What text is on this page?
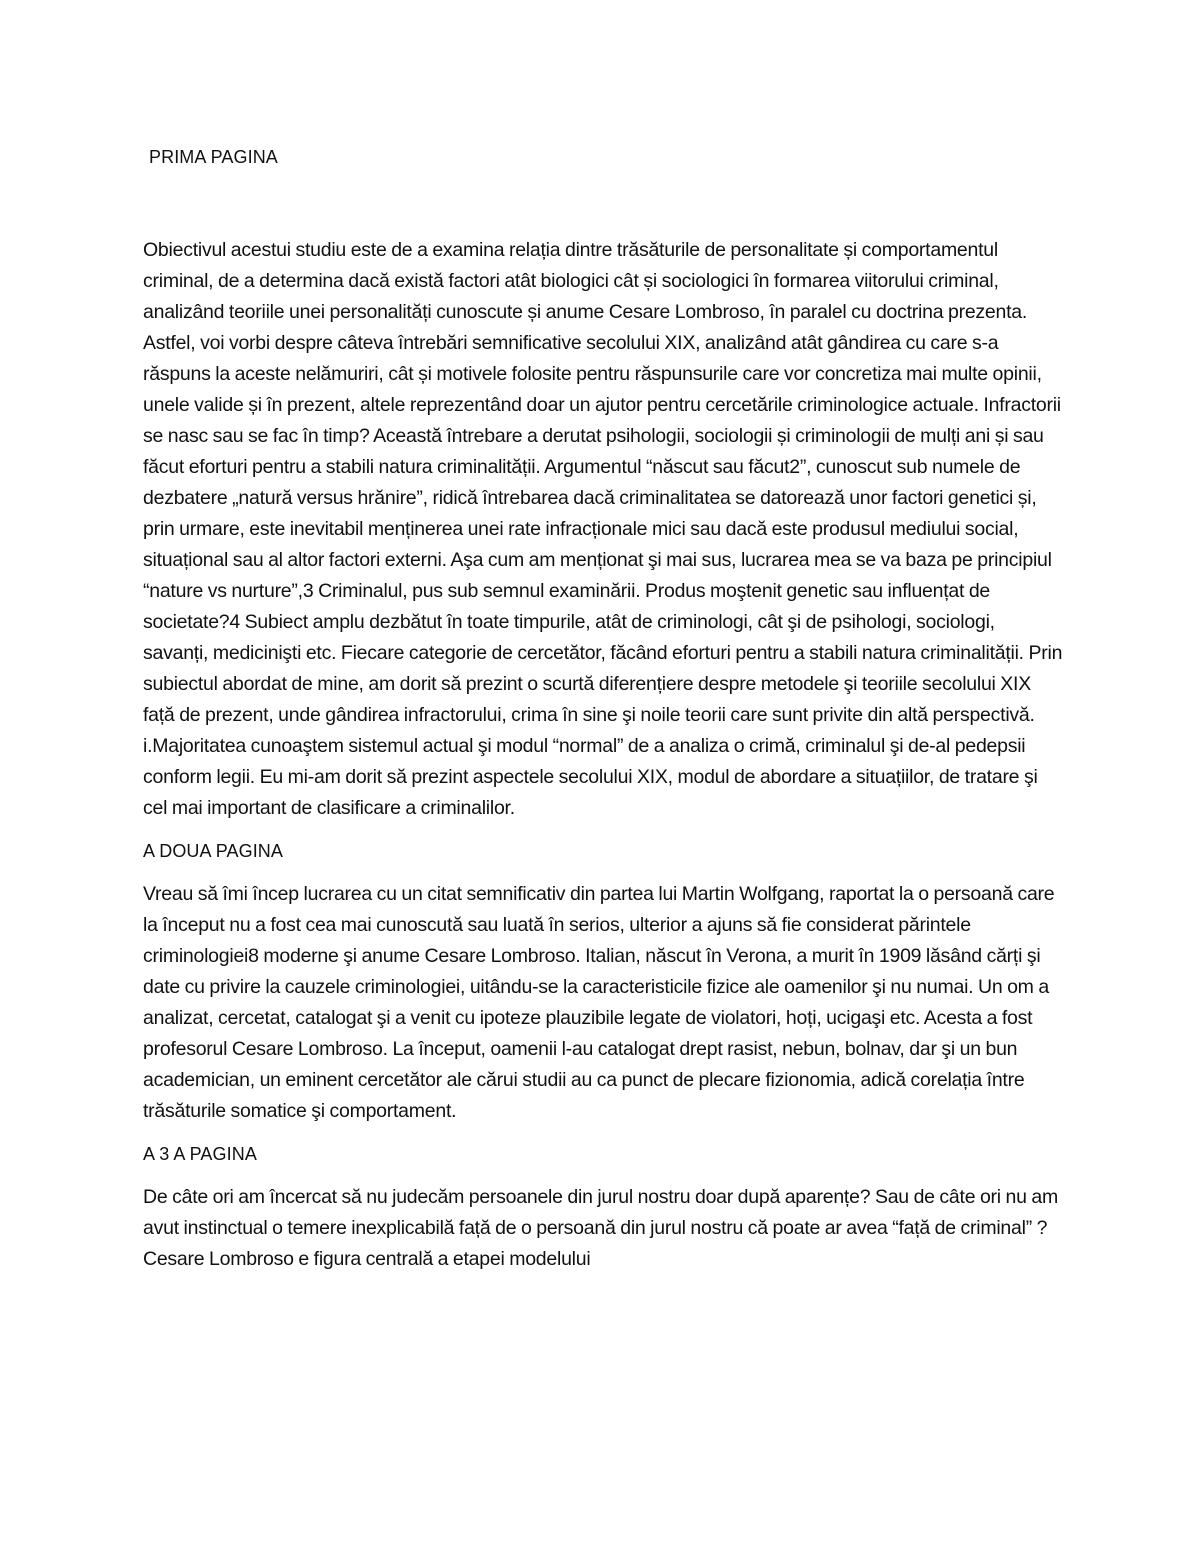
PRIMA PAGINA

Obiectivul acestui studiu este de a examina relația dintre trăsăturile de personalitate și comportamentul criminal, de a determina dacă există factori atât biologici cât și sociologici în formarea viitorului criminal, analizând teoriile unei personalități cunoscute și anume Cesare Lombroso, în paralel cu doctrina prezenta. Astfel, voi vorbi despre câteva întrebări semnificative secolului XIX, analizând atât gândirea cu care s-a răspuns la aceste nelămuriri, cât și motivele folosite pentru răspunsurile care vor concretiza mai multe opinii, unele valide și în prezent, altele reprezentând doar un ajutor pentru cercetările criminologice actuale. Infractorii se nasc sau se fac în timp? Această întrebare a derutat psihologii, sociologii și criminologii de mulți ani și sau făcut eforturi pentru a stabili natura criminalității. Argumentul “născut sau făcut2”, cunoscut sub numele de dezbatere „natură versus hrănire”, ridică întrebarea dacă criminalitatea se datorează unor factori genetici și, prin urmare, este inevitabil menținerea unei rate infracționale mici sau dacă este produsul mediului social, situațional sau al altor factori externi. Aşa cum am menționat şi mai sus, lucrarea mea se va baza pe principiul “nature vs nurture”,3 Criminalul, pus sub semnul examinării. Produs moştenit genetic sau influențat de societate?4 Subiect amplu dezbătut în toate timpurile, atât de criminologi, cât şi de psihologi, sociologi, savanți, medicinişti etc. Fiecare categorie de cercetător, făcând eforturi pentru a stabili natura criminalității. Prin subiectul abordat de mine, am dorit să prezint o scurtă diferențiere despre metodele şi teoriile secolului XIX față de prezent, unde gândirea infractorului, crima în sine şi noile teorii care sunt privite din altă perspectivă. i.Majoritatea cunoaştem sistemul actual şi modul “normal” de a analiza o crimă, criminalul şi de-al pedepsii conform legii. Eu mi-am dorit să prezint aspectele secolului XIX, modul de abordare a situațiilor, de tratare şi cel mai important de clasificare a criminalilor.

A DOUA PAGINA

Vreau să îmi încep lucrarea cu un citat semnificativ din partea lui Martin Wolfgang, raportat la o persoană care la început nu a fost cea mai cunoscută sau luată în serios, ulterior a ajuns să fie considerat părintele criminologiei8 moderne şi anume Cesare Lombroso. Italian, născut în Verona, a murit în 1909 lăsând cărți şi date cu privire la cauzele criminologiei, uitându-se la caracteristicile fizice ale oamenilor şi nu numai. Un om a analizat, cercetat, catalogat şi a venit cu ipoteze plauzibile legate de violatori, hoți, ucigaşi etc. Acesta a fost profesorul Cesare Lombroso. La început, oamenii l-au catalogat drept rasist, nebun, bolnav, dar şi un bun academician, un eminent cercetător ale cărui studii au ca punct de plecare fizionomia, adică corelația între trăsăturile somatice şi comportament.

A 3 A PAGINA

De câte ori am încercat să nu judecăm persoanele din jurul nostru doar după aparențe? Sau de câte ori nu am avut instinctual o temere inexplicabilă față de o persoană din jurul nostru că poate ar avea “față de criminal” ? Cesare Lombroso e figura centrală a etapei modelului
